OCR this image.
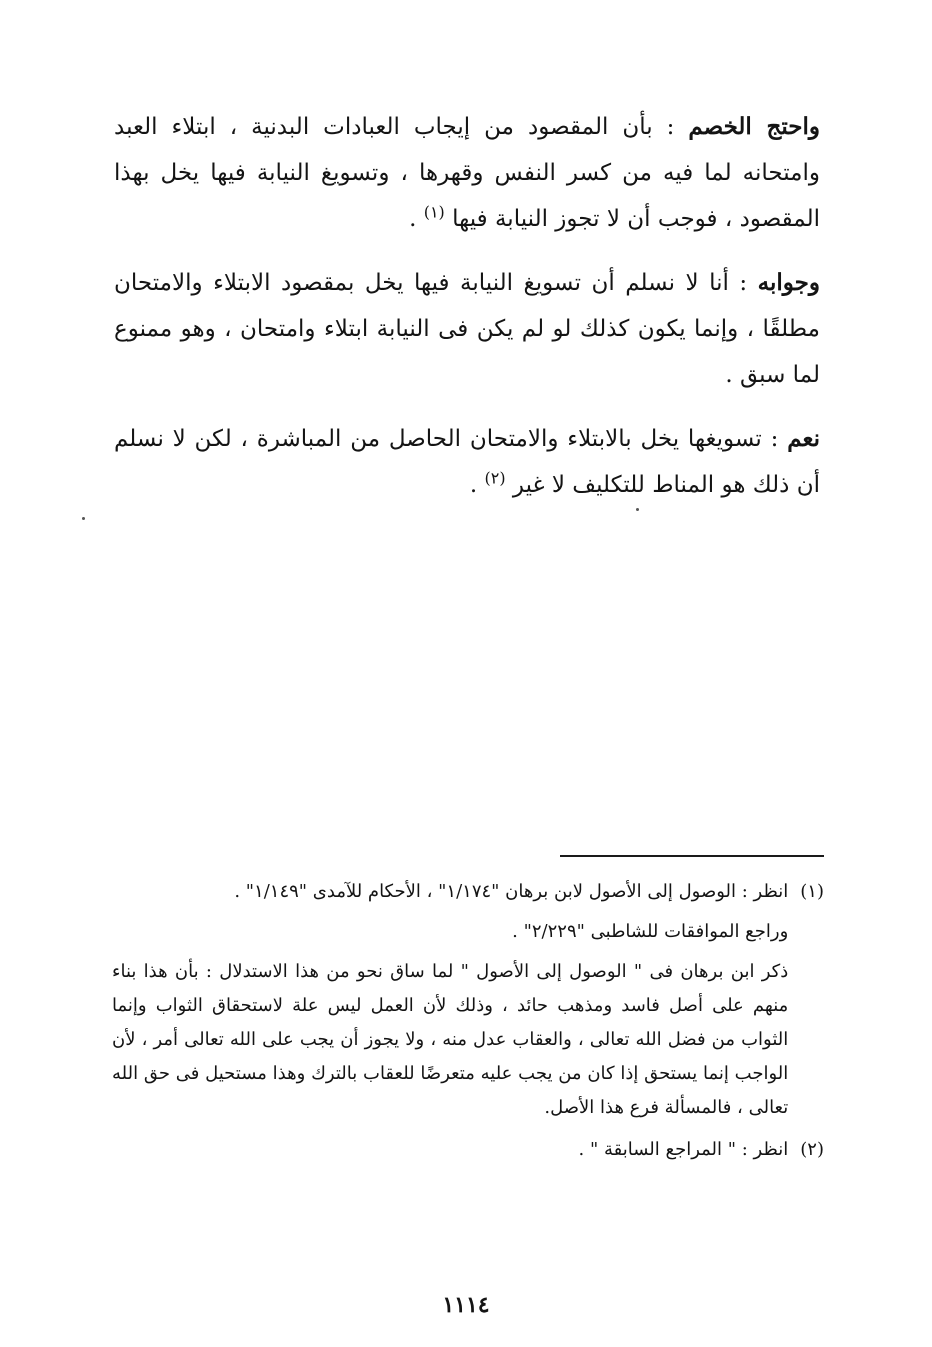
واحتج الخصم : بأن المقصود من إيجاب العبادات البدنية ، ابتلاء العبد وامتحانه لما فيه من كسر النفس وقهرها ، وتسويغ النيابة فيها يخل بهذا المقصود ، فوجب أن لا تجوز النيابة فيها $^{(١)}$ .

وجوابه : أنا لا نسلم أن تسويغ النيابة فيها يخل بمقصود الابتلاء والامتحان مطلقًا ، وإنما يكون كذلك لو لم يكن فى النيابة ابتلاء وامتحان ، وهو ممنوع لما سبق .

نعم : تسويغها يخل بالابتلاء والامتحان الحاصل من المباشرة ، لكن لا نسلم أن ذلك هو المناط للتكليف لا غير $^{(٢)}$ .

(١)

انظر : الوصول إلى الأصول لابن برهان "١/١٧٤" ، الأحكام للآمدى "١/١٤٩" .

وراجع الموافقات للشاطبى "٢/٢٢٩" .

ذكر ابن برهان فى " الوصول إلى الأصول " لما ساق نحو من هذا الاستدلال : بأن هذا بناء منهم على أصل فاسد ومذهب حائد ، وذلك لأن العمل ليس علة لاستحقاق الثواب وإنما الثواب من فضل الله تعالى ، والعقاب عدل منه ، ولا يجوز أن يجب على الله تعالى أمر ، لأن الواجب إنما يستحق إذا كان من يجب عليه متعرضًا للعقاب بالترك وهذا مستحيل فى حق الله تعالى ، فالمسألة فرع هذا الأصل.

(٢)

انظر : " المراجع السابقة " .

١١١٤
